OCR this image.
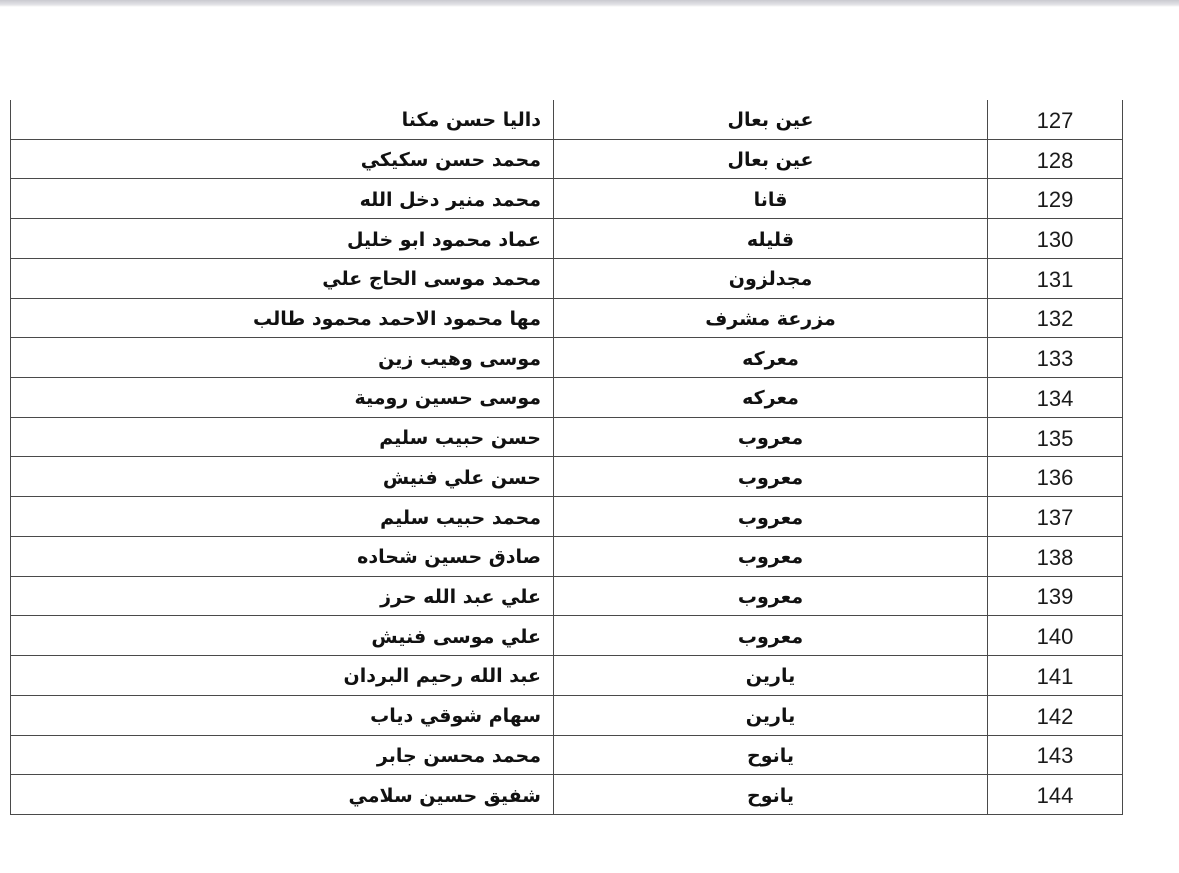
داليا حسن مكنا	عين بعال	127
محمد حسن سكيكي	عين بعال	128
محمد منير دخل الله	قانا	129
عماد محمود ابو خليل	قليله	130
محمد موسى الحاج علي	مجدلزون	131
مها محمود الاحمد محمود طالب	مزرعة مشرف	132
موسى وهيب زين	معركه	133
موسى حسين رومية	معركه	134
حسن حبيب سليم	معروب	135
حسن علي فنيش	معروب	136
محمد حبيب سليم	معروب	137
صادق حسين شحاده	معروب	138
علي عبد الله حرز	معروب	139
علي موسى فنيش	معروب	140
عبد الله رحيم البردان	يارين	141
سهام شوقي دياب	يارين	142
محمد محسن جابر	يانوح	143
شفيق حسين سلامي	يانوح	144
